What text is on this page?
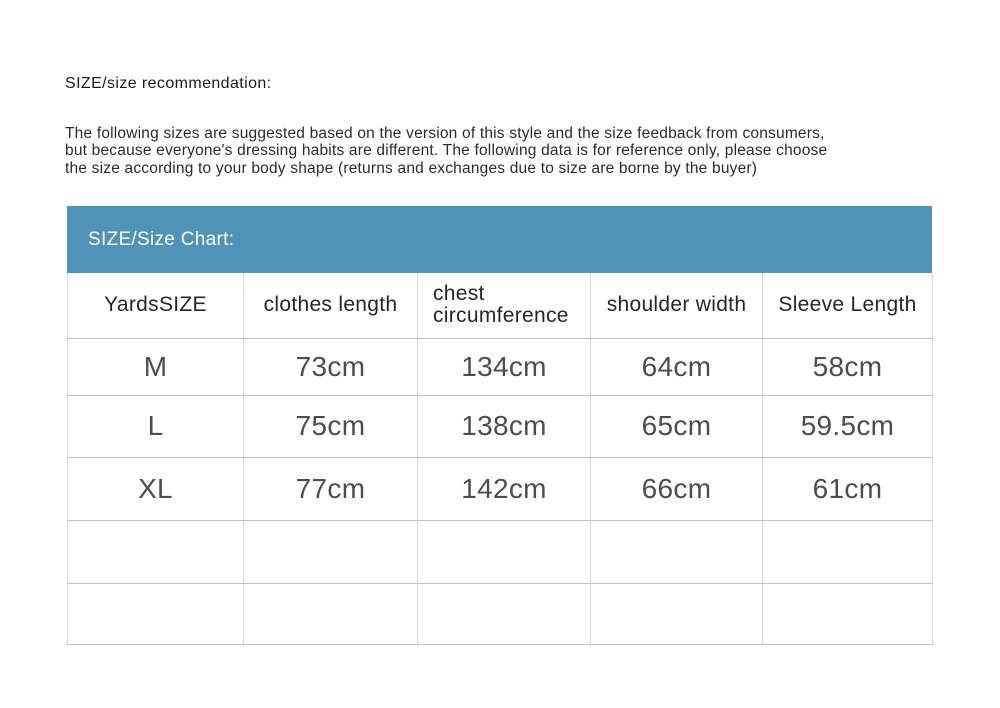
SIZE/size recommendation:
The following sizes are suggested based on the version of this style and the size feedback from consumers,
but because everyone's dressing habits are different. The following data is for reference only, please choose
the size according to your body shape (returns and exchanges due to size are borne by the buyer)
SIZE/Size Chart:
YardsSIZE	clothes length	chest circumference	shoulder width	Sleeve Length
M	73cm	134cm	64cm	58cm
L	75cm	138cm	65cm	59.5cm
XL	77cm	142cm	66cm	61cm
